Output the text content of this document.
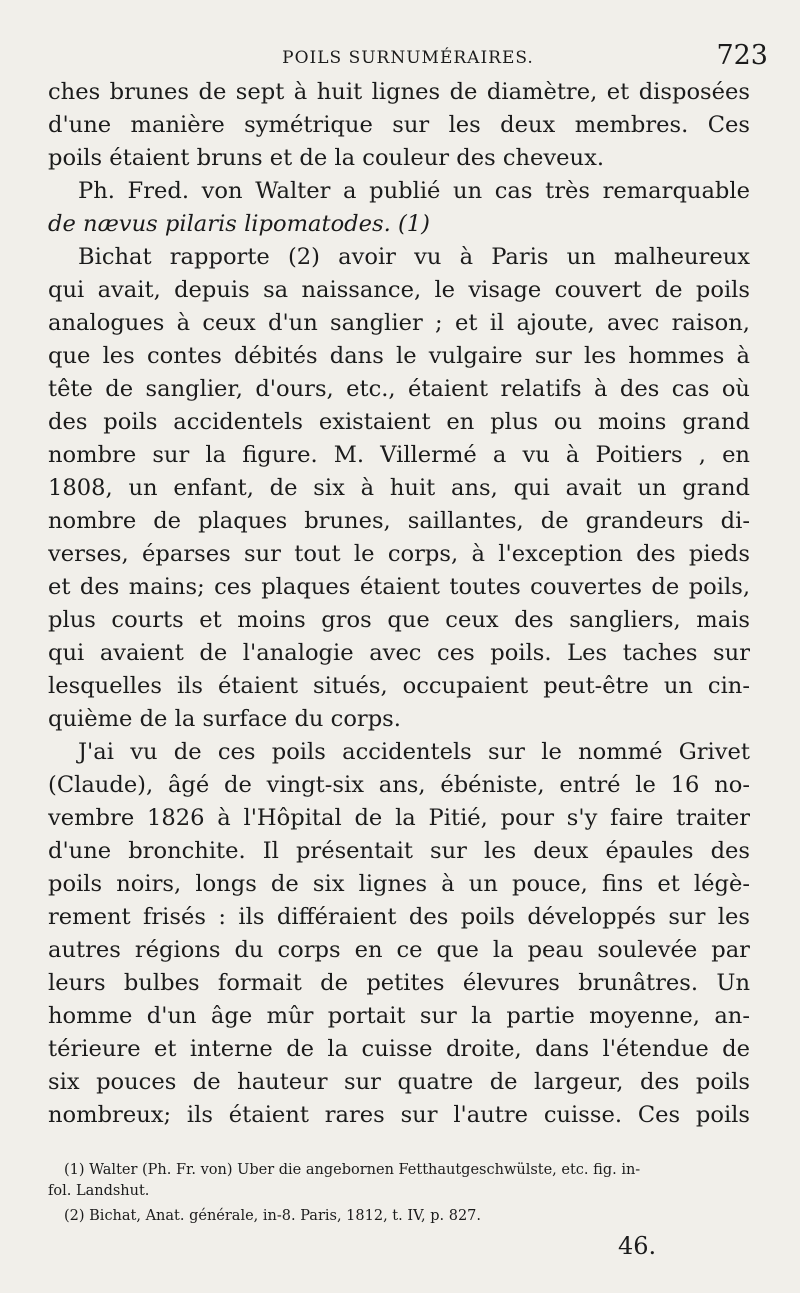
POILS SURNUMÉRAIRES.	723
ches brunes de sept à huit lignes de diamètre, et disposées
d'une manière symétrique sur les deux membres. Ces
poils étaient bruns et de la couleur des cheveux.
Ph. Fred. von Walter a publié un cas très remarquable
de nævus pilaris lipomatodes. (1)
Bichat rapporte (2) avoir vu à Paris un malheureux
qui avait, depuis sa naissance, le visage couvert de poils
analogues à ceux d'un sanglier ; et il ajoute, avec raison,
que les contes débités dans le vulgaire sur les hommes à
tête de sanglier, d'ours, etc., étaient relatifs à des cas où
des poils accidentels existaient en plus ou moins grand
nombre sur la figure. M. Villermé a vu à Poitiers , en
1808, un enfant, de six à huit ans, qui avait un grand
nombre de plaques brunes, saillantes, de grandeurs di-
verses, éparses sur tout le corps, à l'exception des pieds
et des mains; ces plaques étaient toutes couvertes de poils,
plus courts et moins gros que ceux des sangliers, mais
qui avaient de l'analogie avec ces poils. Les taches sur
lesquelles ils étaient situés, occupaient peut-être un cin-
quième de la surface du corps.
J'ai vu de ces poils accidentels sur le nommé Grivet
(Claude), âgé de vingt-six ans, ébéniste, entré le 16 no-
vembre 1826 à l'Hôpital de la Pitié, pour s'y faire traiter
d'une bronchite. Il présentait sur les deux épaules des
poils noirs, longs de six lignes à un pouce, fins et légè-
rement frisés : ils différaient des poils développés sur les
autres régions du corps en ce que la peau soulevée par
leurs bulbes formait de petites élevures brunâtres. Un
homme d'un âge mûr portait sur la partie moyenne, an-
térieure et interne de la cuisse droite, dans l'étendue de
six pouces de hauteur sur quatre de largeur, des poils
nombreux; ils étaient rares sur l'autre cuisse. Ces poils
(1) Walter (Ph. Fr. von) Uber die angebornen Fetthautgeschwülste, etc. fig. in-
fol. Landshut.
(2) Bichat, Anat. générale, in-8. Paris, 1812, t. IV, p. 827.
46.
